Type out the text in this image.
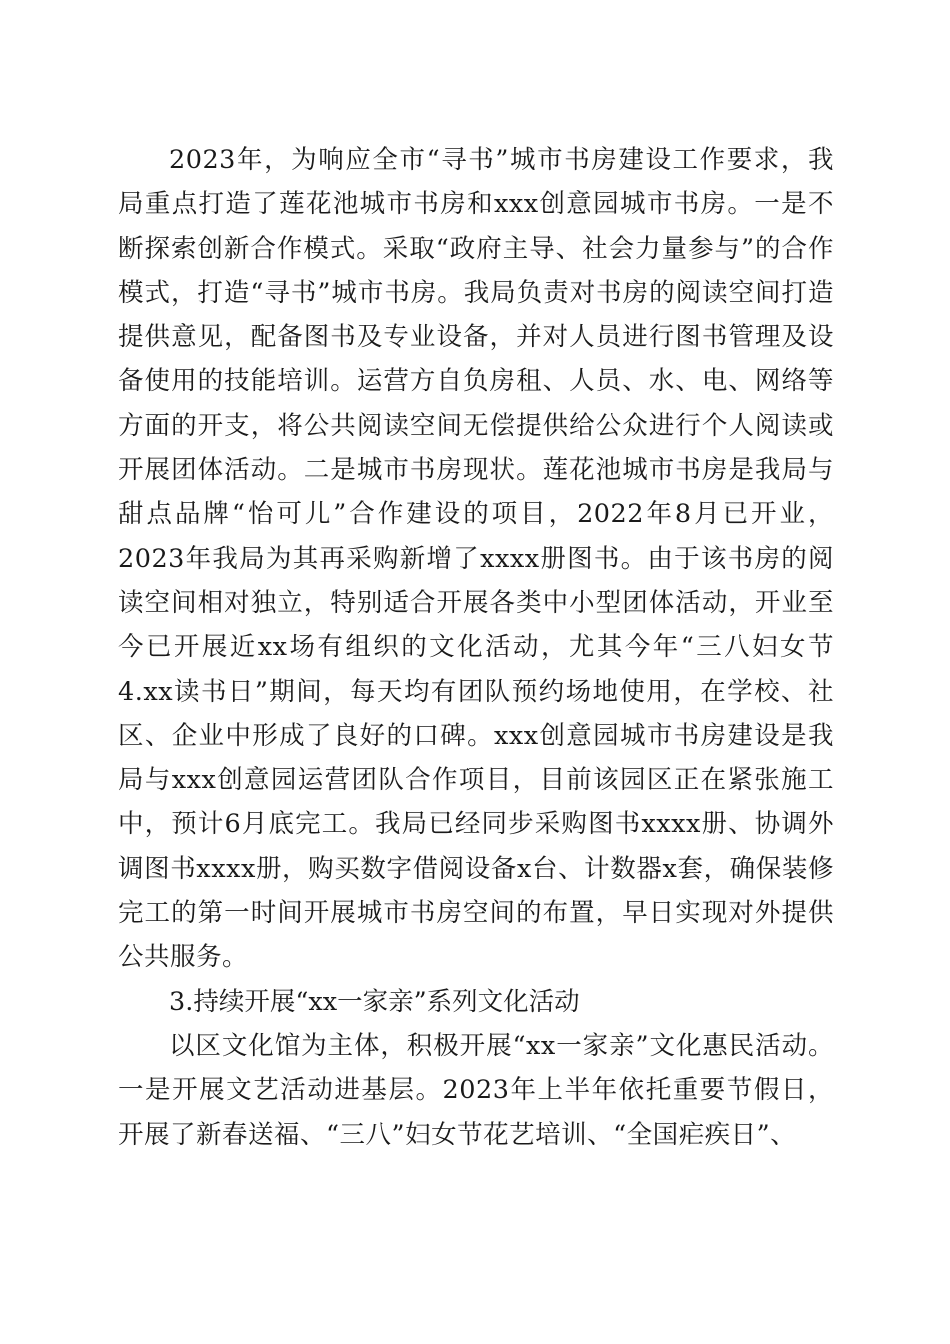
2023年，为响应全市“寻书”城市书房建设工作要求，我局重点打造了莲花池城市书房和xxx创意园城市书房。一是不断探索创新合作模式。采取“政府主导、社会力量参与”的合作模式，打造“寻书”城市书房。我局负责对书房的阅读空间打造提供意见，配备图书及专业设备，并对人员进行图书管理及设备使用的技能培训。运营方自负房租、人员、水、电、网络等方面的开支，将公共阅读空间无偿提供给公众进行个人阅读或开展团体活动。二是城市书房现状。莲花池城市书房是我局与甜点品牌“怡可儿”合作建设的项目，2022年8月已开业，2023年我局为其再采购新增了xxxx册图书。由于该书房的阅读空间相对独立，特别适合开展各类中小型团体活动，开业至今已开展近xx场有组织的文化活动，尤其今年“三八妇女节4.xx读书日”期间，每天均有团队预约场地使用，在学校、社区、企业中形成了良好的口碑。xxx创意园城市书房建设是我局与xxx创意园运营团队合作项目，目前该园区正在紧张施工中，预计6月底完工。我局已经同步采购图书xxxx册、协调外调图书xxxx册，购买数字借阅设备x台、计数器x套，确保装修完工的第一时间开展城市书房空间的布置，早日实现对外提供公共服务。

3.持续开展“xx一家亲”系列文化活动

以区文化馆为主体，积极开展“xx一家亲”文化惠民活动。一是开展文艺活动进基层。2023年上半年依托重要节假日，开展了新春送福、“三八”妇女节花艺培训、“全国疟疾日”、
